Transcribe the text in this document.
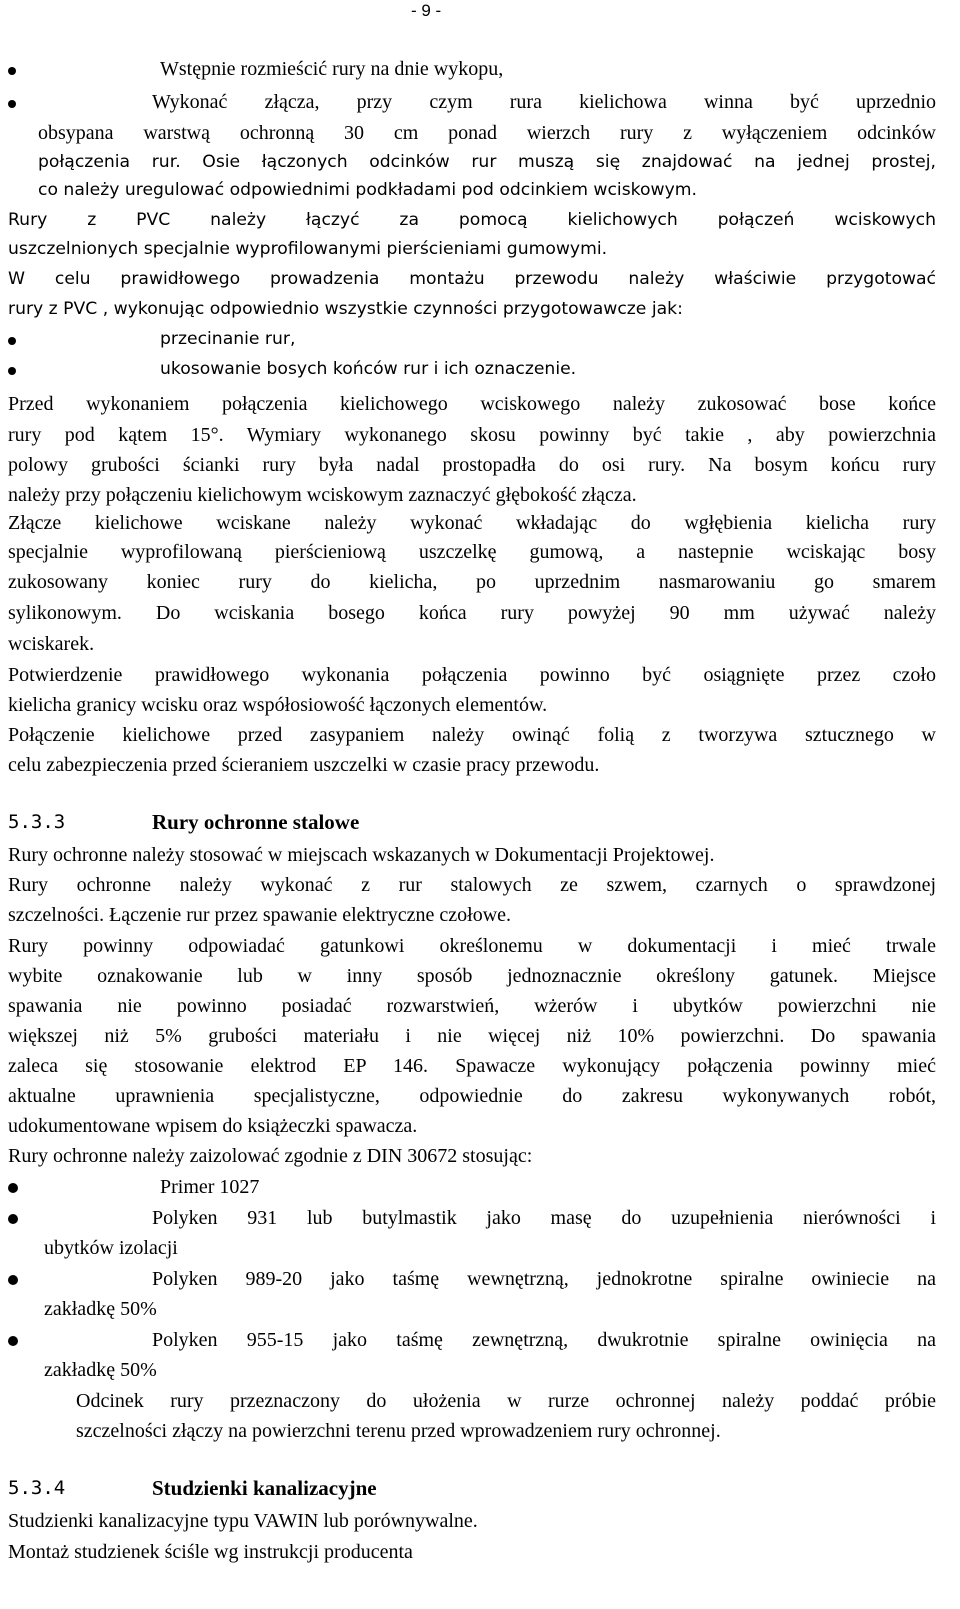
- 9 -
Wstępnie rozmieścić rury na dnie wykopu,
Wykonać złącza, przy czym rura kielichowa winna być uprzednio
obsypana warstwą ochronną 30 cm ponad wierzch rury z wyłączeniem odcinków
połączenia rur. Osie łączonych odcinków rur muszą się znajdować na jednej prostej,
co należy uregulować odpowiednimi podkładami pod odcinkiem wciskowym.
Rury z PVC należy łączyć za pomocą kielichowych połączeń wciskowych
uszczelnionych specjalnie wyprofilowanymi pierścieniami gumowymi.
W celu prawidłowego prowadzenia montażu przewodu należy właściwie przygotować
rury z PVC , wykonując odpowiednio wszystkie czynności przygotowawcze jak:
przecinanie rur,
ukosowanie bosych końców rur i ich oznaczenie.
Przed wykonaniem połączenia kielichowego wciskowego należy zukosować bose końce
rury pod kątem 15°. Wymiary wykonanego skosu powinny być takie , aby powierzchnia
polowy grubości ścianki rury była nadal prostopadła do osi rury. Na bosym końcu rury
należy przy połączeniu kielichowym wciskowym zaznaczyć głębokość złącza.
Złącze kielichowe wciskane należy wykonać wkładając do wgłębienia kielicha rury
specjalnie wyprofilowaną pierścieniową uszczelkę gumową, a nastepnie wciskając bosy
zukosowany koniec rury do kielicha, po uprzednim nasmarowaniu go smarem
sylikonowym. Do wciskania bosego końca rury powyżej 90 mm używać należy
wciskarek.
Potwierdzenie prawidłowego wykonania połączenia powinno być osiągnięte przez czoło
kielicha granicy wcisku oraz współosiowość łączonych elementów.
Połączenie kielichowe przed zasypaniem należy owinąć folią z tworzywa sztucznego w
celu zabezpieczenia przed ścieraniem uszczelki w czasie pracy przewodu.
5.3.3	Rury ochronne stalowe
Rury ochronne należy stosować w miejscach wskazanych w Dokumentacji Projektowej.
Rury ochronne należy wykonać z rur stalowych ze szwem, czarnych o sprawdzonej
szczelności. Łączenie rur przez spawanie elektryczne czołowe.
Rury powinny odpowiadać gatunkowi określonemu w dokumentacji i mieć trwale
wybite oznakowanie lub w inny sposób jednoznacznie określony gatunek. Miejsce
spawania nie powinno posiadać rozwarstwień, wżerów i ubytków powierzchni nie
większej niż 5% grubości materiału i nie więcej niż 10% powierzchni. Do spawania
zaleca się stosowanie elektrod EP 146. Spawacze wykonujący połączenia powinny mieć
aktualne uprawnienia specjalistyczne, odpowiednie do zakresu wykonywanych robót,
udokumentowane wpisem do książeczki spawacza.
Rury ochronne należy zaizolować zgodnie z DIN 30672 stosując:
Primer 1027
Polyken 931 lub butylmastik jako masę do uzupełnienia nierówności i
ubytków izolacji
Polyken 989-20 jako taśmę wewnętrzną, jednokrotne spiralne owiniecie na
zakładkę 50%
Polyken 955-15 jako taśmę zewnętrzną, dwukrotnie spiralne owinięcia na
zakładkę 50%
Odcinek rury przeznaczony do ułożenia w rurze ochronnej należy poddać próbie
szczelności złączy na powierzchni terenu przed wprowadzeniem rury ochronnej.
5.3.4	Studzienki kanalizacyjne
Studzienki kanalizacyjne typu VAWIN lub porównywalne.
Montaż studzienek ściśle wg instrukcji producenta
